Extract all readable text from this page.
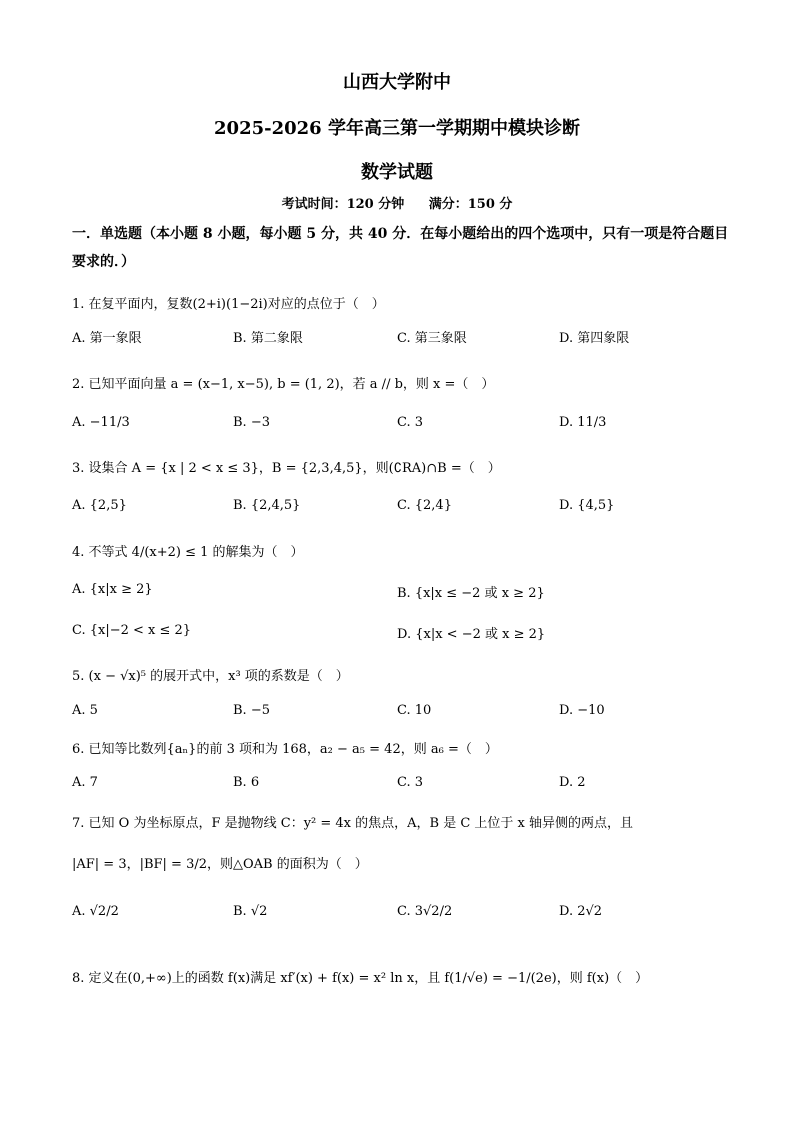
山西大学附中
2025-2026 学年高三第一学期期中模块诊断
数学试题
考试时间：120 分钟 满分：150 分
一．单选题（本小题 8 小题，每小题 5 分，共 40 分．在每小题给出的四个选项中，只有一项是符合题目要求的．）
1. 在复平面内，复数(2+i)(1−2i)对应的点位于（　）
A. 第一象限	B. 第二象限	C. 第三象限	D. 第四象限
2. 已知平面向量 a = (x−1, x−5), b = (1, 2)，若 a // b，则 x =（　）
A. −11/3	B. −3	C. 3	D. 11/3
3. 设集合 A = {x | 2 < x ≤ 3}，B = {2,3,4,5}，则(∁RA)∩B =（　）
A. {2,5}	B. {2,4,5}	C. {2,4}	D. {4,5}
4. 不等式 4/(x+2) ≤ 1 的解集为（　）
A. {x|x ≥ 2}	B. {x|x ≤ −2 或 x ≥ 2}
C. {x|−2 < x ≤ 2}	D. {x|x < −2 或 x ≥ 2}
5. (x − √x)⁵ 的展开式中，x³ 项的系数是（　）
A. 5	B. −5	C. 10	D. −10
6. 已知等比数列{aₙ}的前 3 项和为 168，a₂ − a₅ = 42，则 a₆ =（　）
A. 7	B. 6	C. 3	D. 2
7. 已知 O 为坐标原点，F 是抛物线 C：y² = 4x 的焦点，A，B 是 C 上位于 x 轴异侧的两点，且
|AF| = 3，|BF| = 3/2，则△OAB 的面积为（　）
A. √2/2	B. √2	C. 3√2/2	D. 2√2
8. 定义在(0,+∞)上的函数 f(x)满足 xf′(x) + f(x) = x² ln x，且 f(1/√e) = −1/(2e)，则 f(x)（　）
